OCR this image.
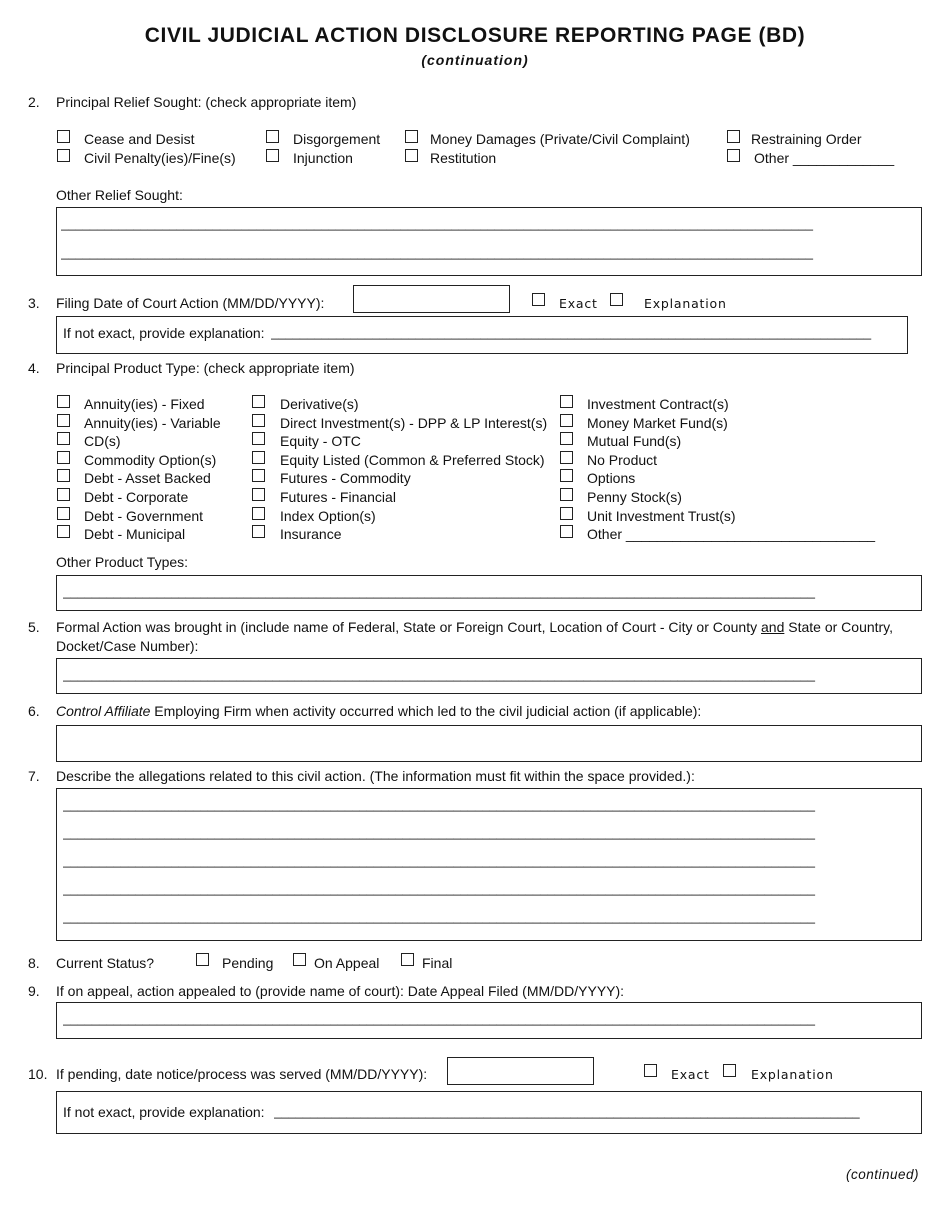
CIVIL JUDICIAL ACTION DISCLOSURE REPORTING PAGE (BD)
(continuation)
2. Principal Relief Sought: (check appropriate item)
Cease and Desist
Civil Penalty(ies)/Fine(s)
Disgorgement
Injunction
Money Damages (Private/Civil Complaint)
Restitution
Restraining Order
Other _____________
Other Relief Sought:
________________________________________________________________________________________________________
________________________________________________________________________________________________________
3. Filing Date of Court Action (MM/DD/YYYY):	Exact	Explanation
If not exact, provide explanation: ___________________________________________________________________________________
4. Principal Product Type: (check appropriate item)
Annuity(ies) - Fixed
Annuity(ies) - Variable
CD(s)
Commodity Option(s)
Debt - Asset Backed
Debt - Corporate
Debt - Government
Debt - Municipal
Derivative(s)
Direct Investment(s) - DPP & LP Interest(s)
Equity - OTC
Equity Listed (Common & Preferred Stock)
Futures - Commodity
Futures - Financial
Index Option(s)
Insurance
Investment Contract(s)
Money Market Fund(s)
Mutual Fund(s)
No Product
Options
Penny Stock(s)
Unit Investment Trust(s)
Other ________________________________
Other Product Types:
________________________________________________________________________________________________________
5. Formal Action was brought in (include name of Federal, State or Foreign Court, Location of Court - City or County and State or Country,
Docket/Case Number):
________________________________________________________________________________________________________
6. Control Affiliate Employing Firm when activity occurred which led to the civil judicial action (if applicable):
7. Describe the allegations related to this civil action. (The information must fit within the space provided.):
________________________________________________________________________________________________________
________________________________________________________________________________________________________
________________________________________________________________________________________________________
________________________________________________________________________________________________________
________________________________________________________________________________________________________
8. Current Status?	Pending	On Appeal	Final
9. If on appeal, action appealed to (provide name of court): Date Appeal Filed (MM/DD/YYYY):
________________________________________________________________________________________________________
10. If pending, date notice/process was served (MM/DD/YYYY):	Exact	Explanation
If not exact, provide explanation: _________________________________________________________________________________
(continued)
